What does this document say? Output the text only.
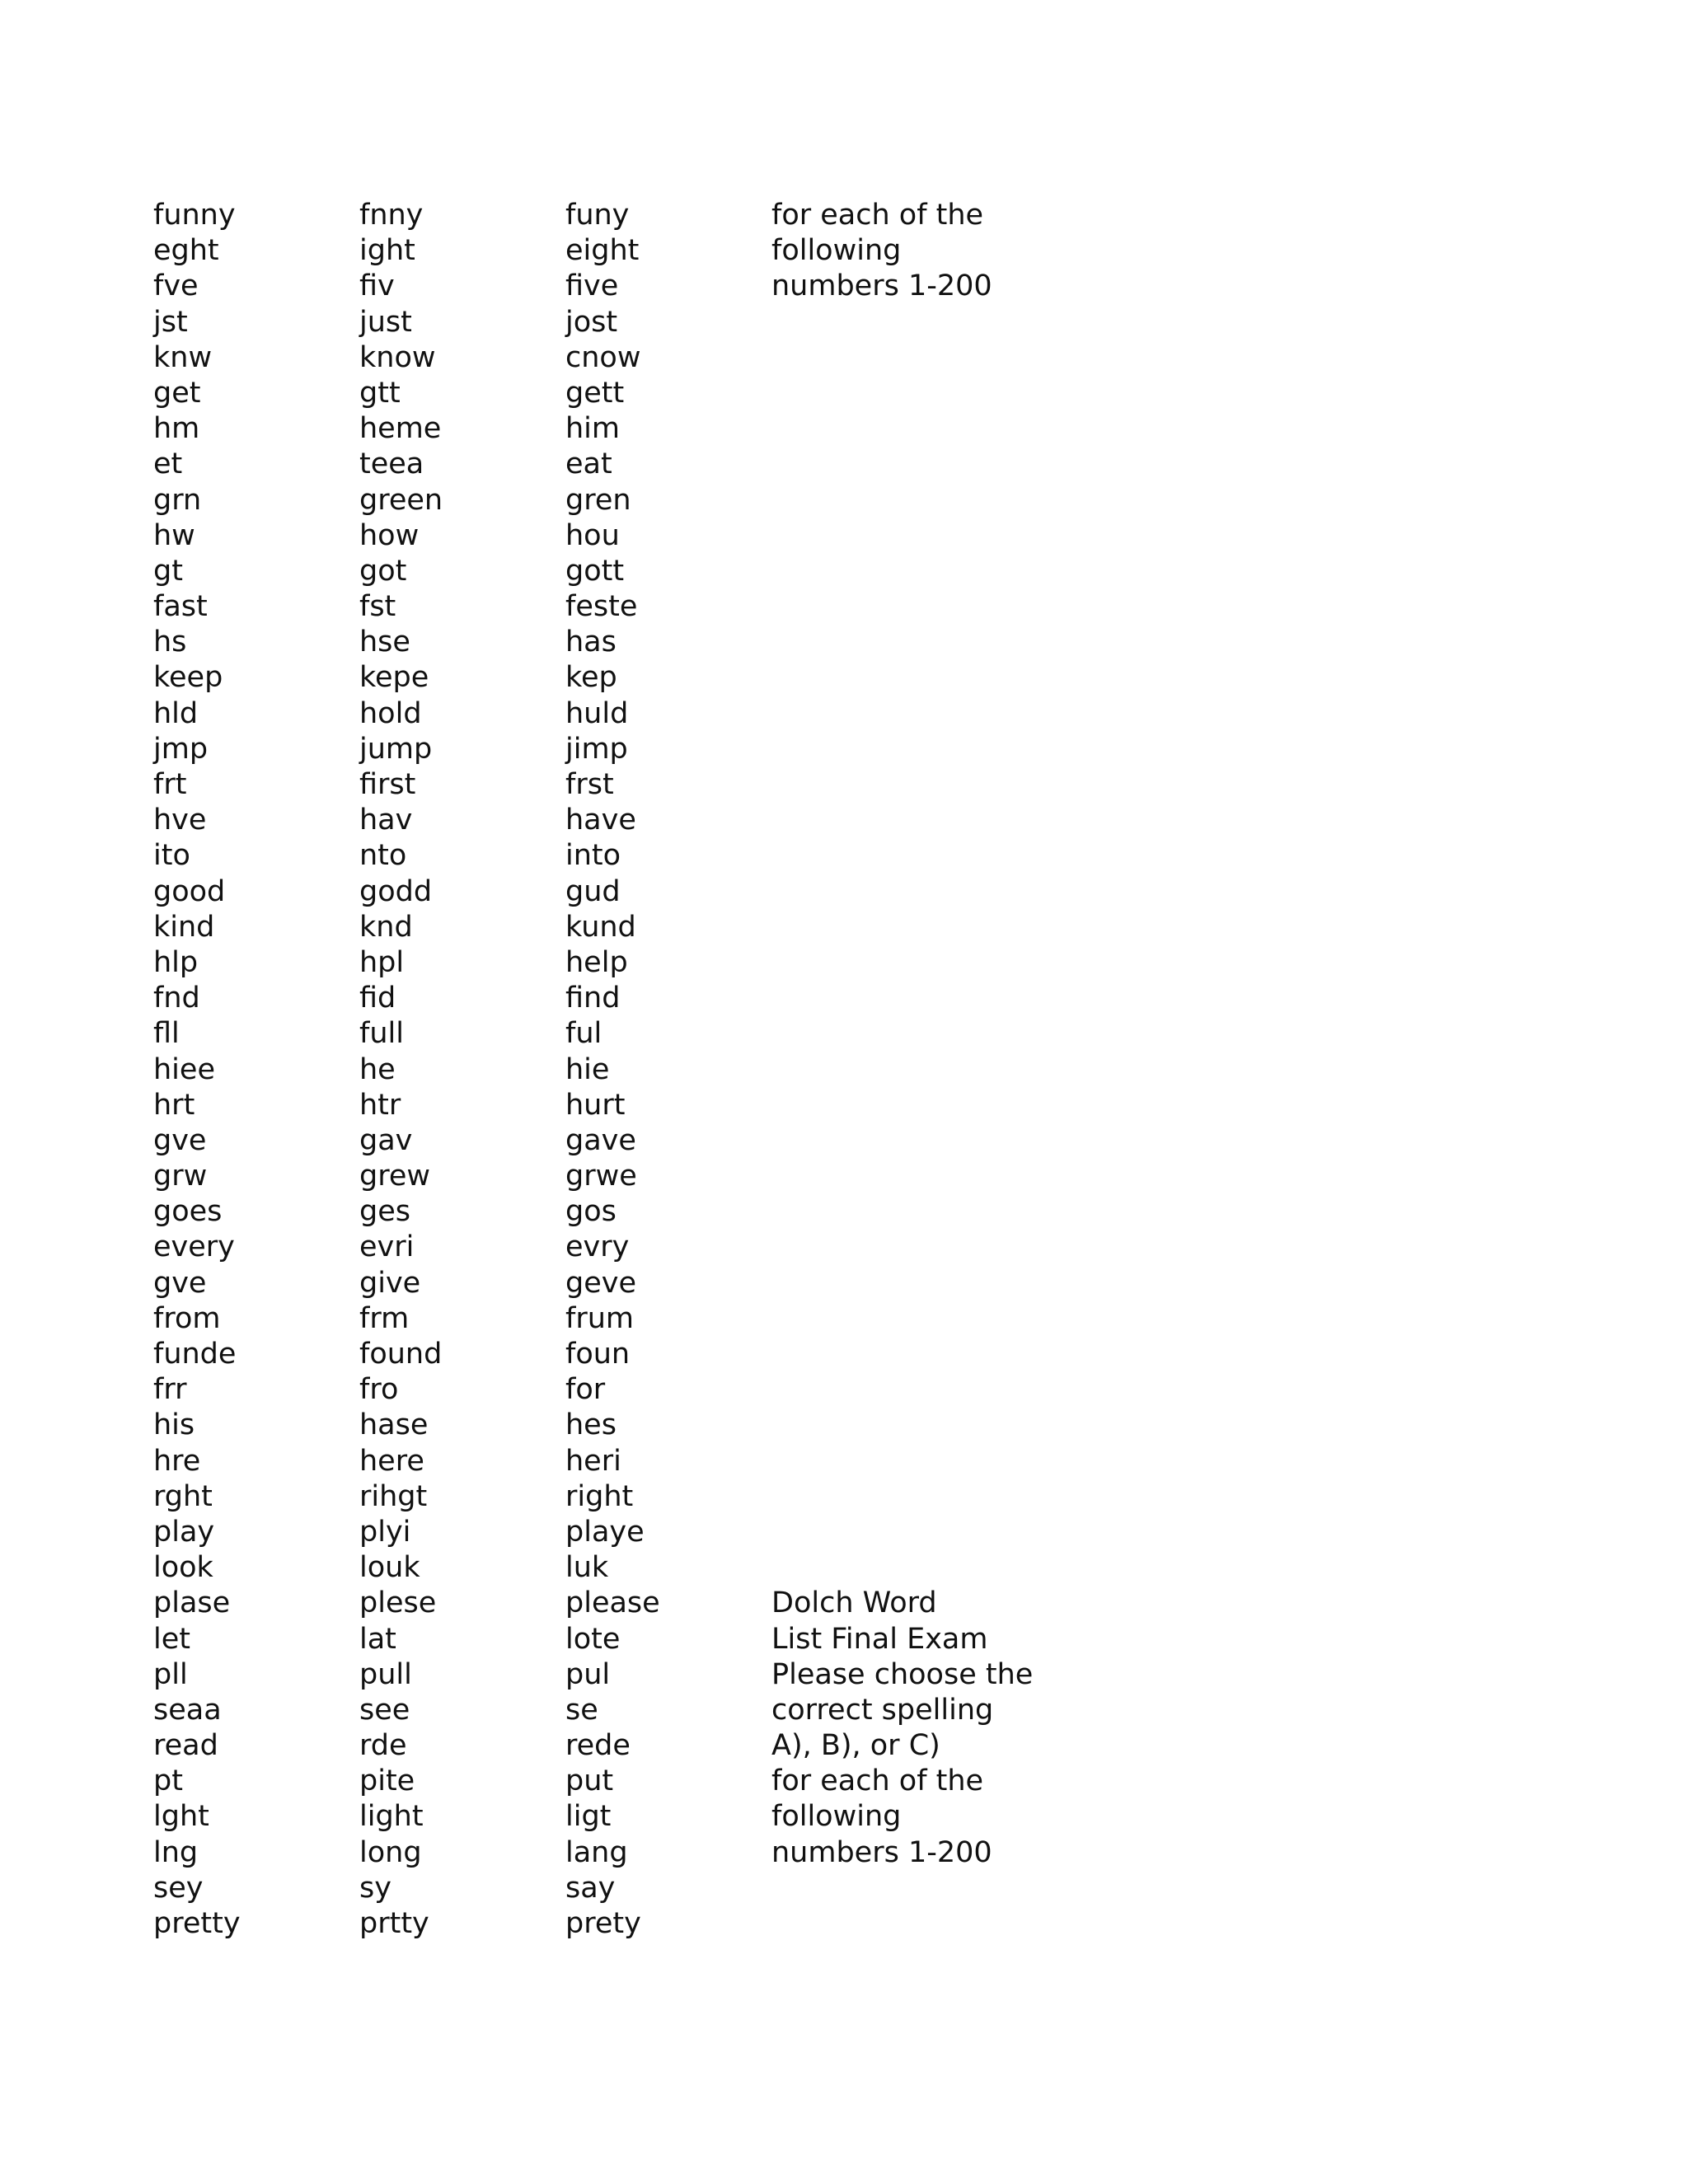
funny	fnny	funy	for each of the
eght	ight	eight	following
fve	fiv	five	numbers 1-200
jst	just	jost
knw	know	cnow
get	gtt	gett
hm	heme	him
et	teea	eat
grn	green	gren
hw	how	hou
gt	got	gott
fast	fst	feste
hs	hse	has
keep	kepe	kep
hld	hold	huld
jmp	jump	jimp
frt	first	frst
hve	hav	have
ito	nto	into
good	godd	gud
kind	knd	kund
hlp	hpl	help
fnd	fid	find
fll	full	ful
hiee	he	hie
hrt	htr	hurt
gve	gav	gave
grw	grew	grwe
goes	ges	gos
every	evri	evry
gve	give	geve
from	frm	frum
funde	found	foun
frr	fro	for
his	hase	hes
hre	here	heri
rght	rihgt	right
play	plyi	playe
look	louk	luk
plase	plese	please	Dolch Word
let	lat	lote	List Final Exam
pll	pull	pul	Please choose the
seaa	see	se	correct spelling
read	rde	rede	A), B), or C)
pt	pite	put	for each of the
lght	light	ligt	following
lng	long	lang	numbers 1-200
sey	sy	say
pretty	prtty	prety
